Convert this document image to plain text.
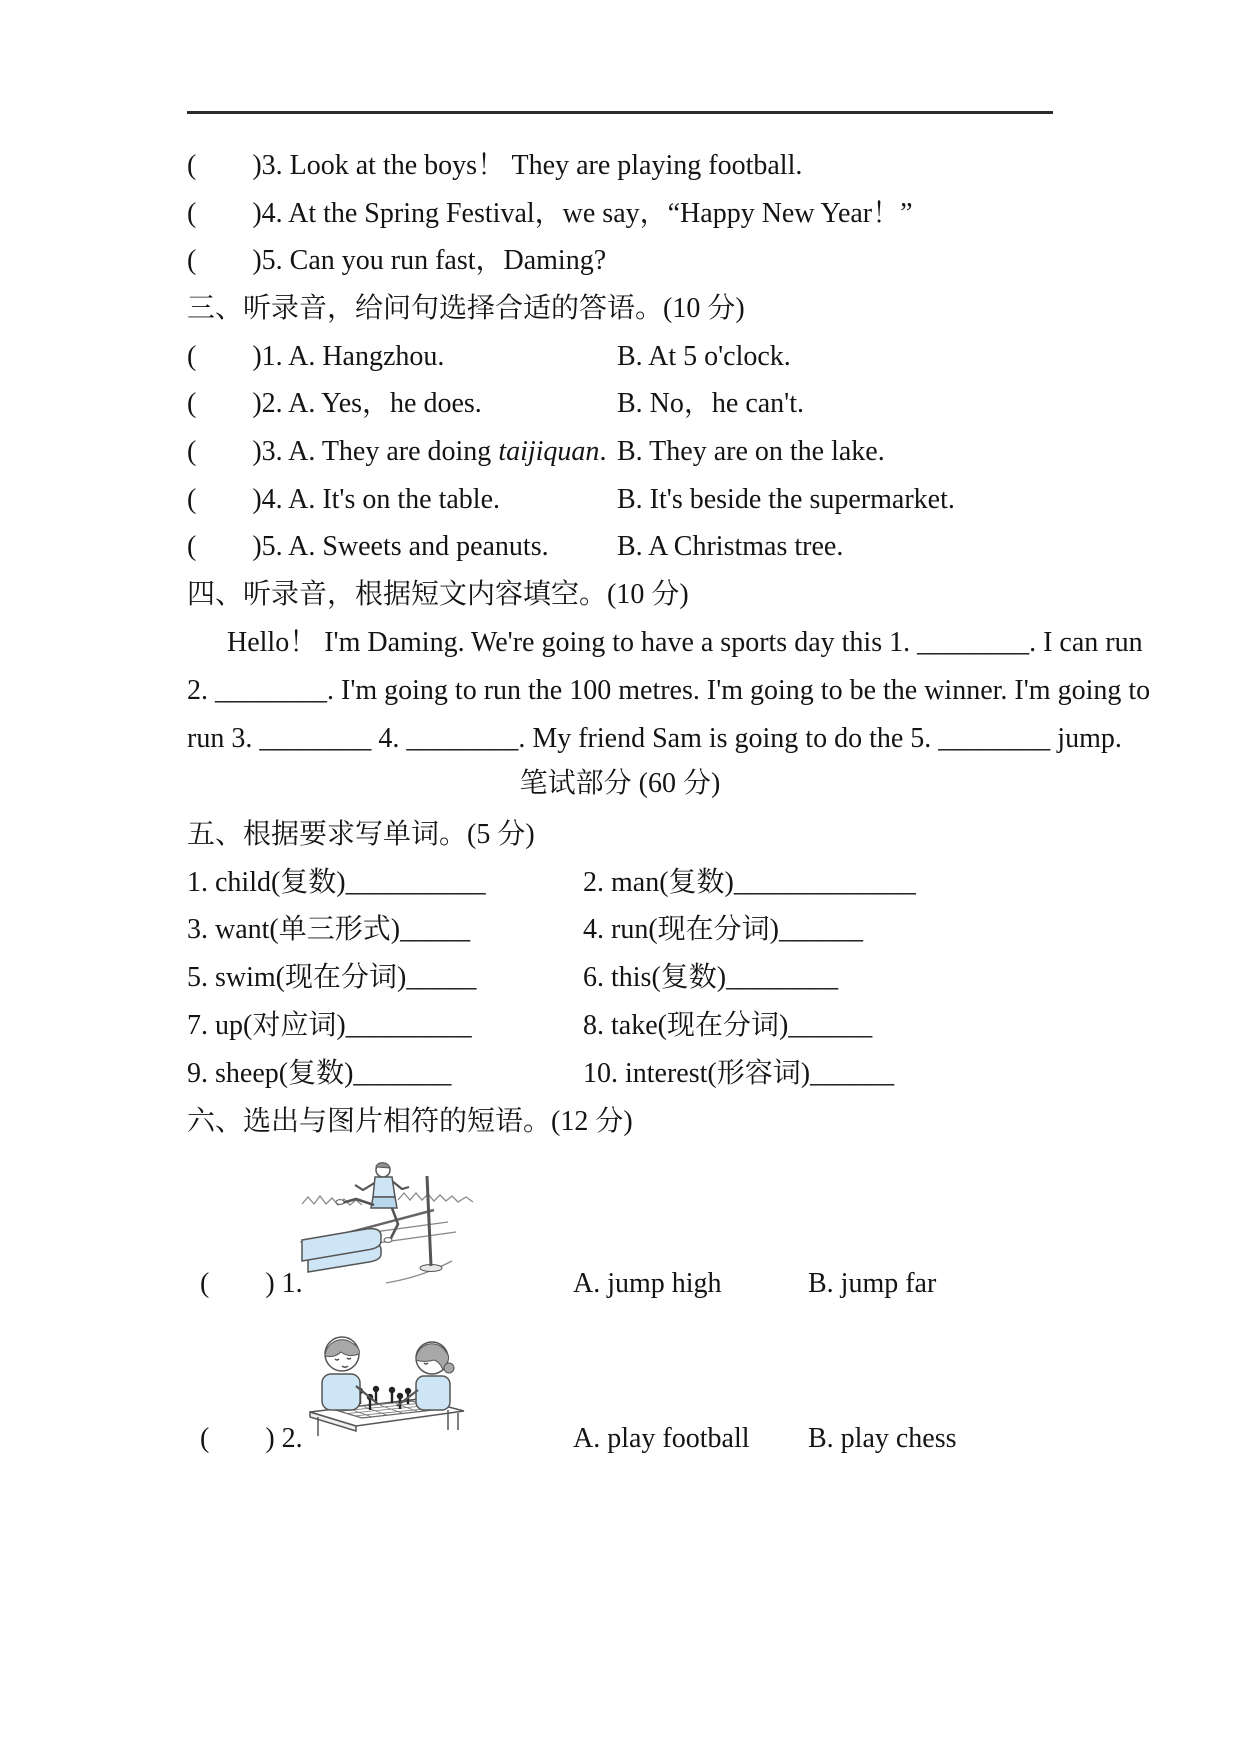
(　　)3. Look at the boys！ They are playing football.
(　　)4. At the Spring Festival，we say，“Happy New Year！”
(　　)5. Can you run fast，Daming?
三、听录音，给问句选择合适的答语。(10 分)
(　　)1. A. Hangzhou.	B. At 5 o'clock.
(　　)2. A. Yes，he does.	B. No，he can't.
(　　)3. A. They are doing taijiquan. B. They are on the lake.
(　　)4. A. It's on the table.	B. It's beside the supermarket.
(　　)5. A. Sweets and peanuts. B. A Christmas tree.
四、听录音，根据短文内容填空。(10 分)
Hello！ I'm Daming. We're going to have a sports day this 1. ________. I can run
2. ________. I'm going to run the 100 metres. I'm going to be the winner. I'm going to
run 3. ________ 4. ________. My friend Sam is going to do the 5. ________ jump.
笔试部分 (60 分)
五、根据要求写单词。(5 分)
1. child(复数)__________	2. man(复数)_____________
3. want(单三形式)_____	4. run(现在分词)______
5. swim(现在分词)_____	6. this(复数)________
7. up(对应词)_________	8. take(现在分词)______
9. sheep(复数)_______	10. interest(形容词)______
六、选出与图片相符的短语。(12 分)
(　　) 1.	A. jump high	B. jump far
(　　) 2.	A. play football B. play chess
